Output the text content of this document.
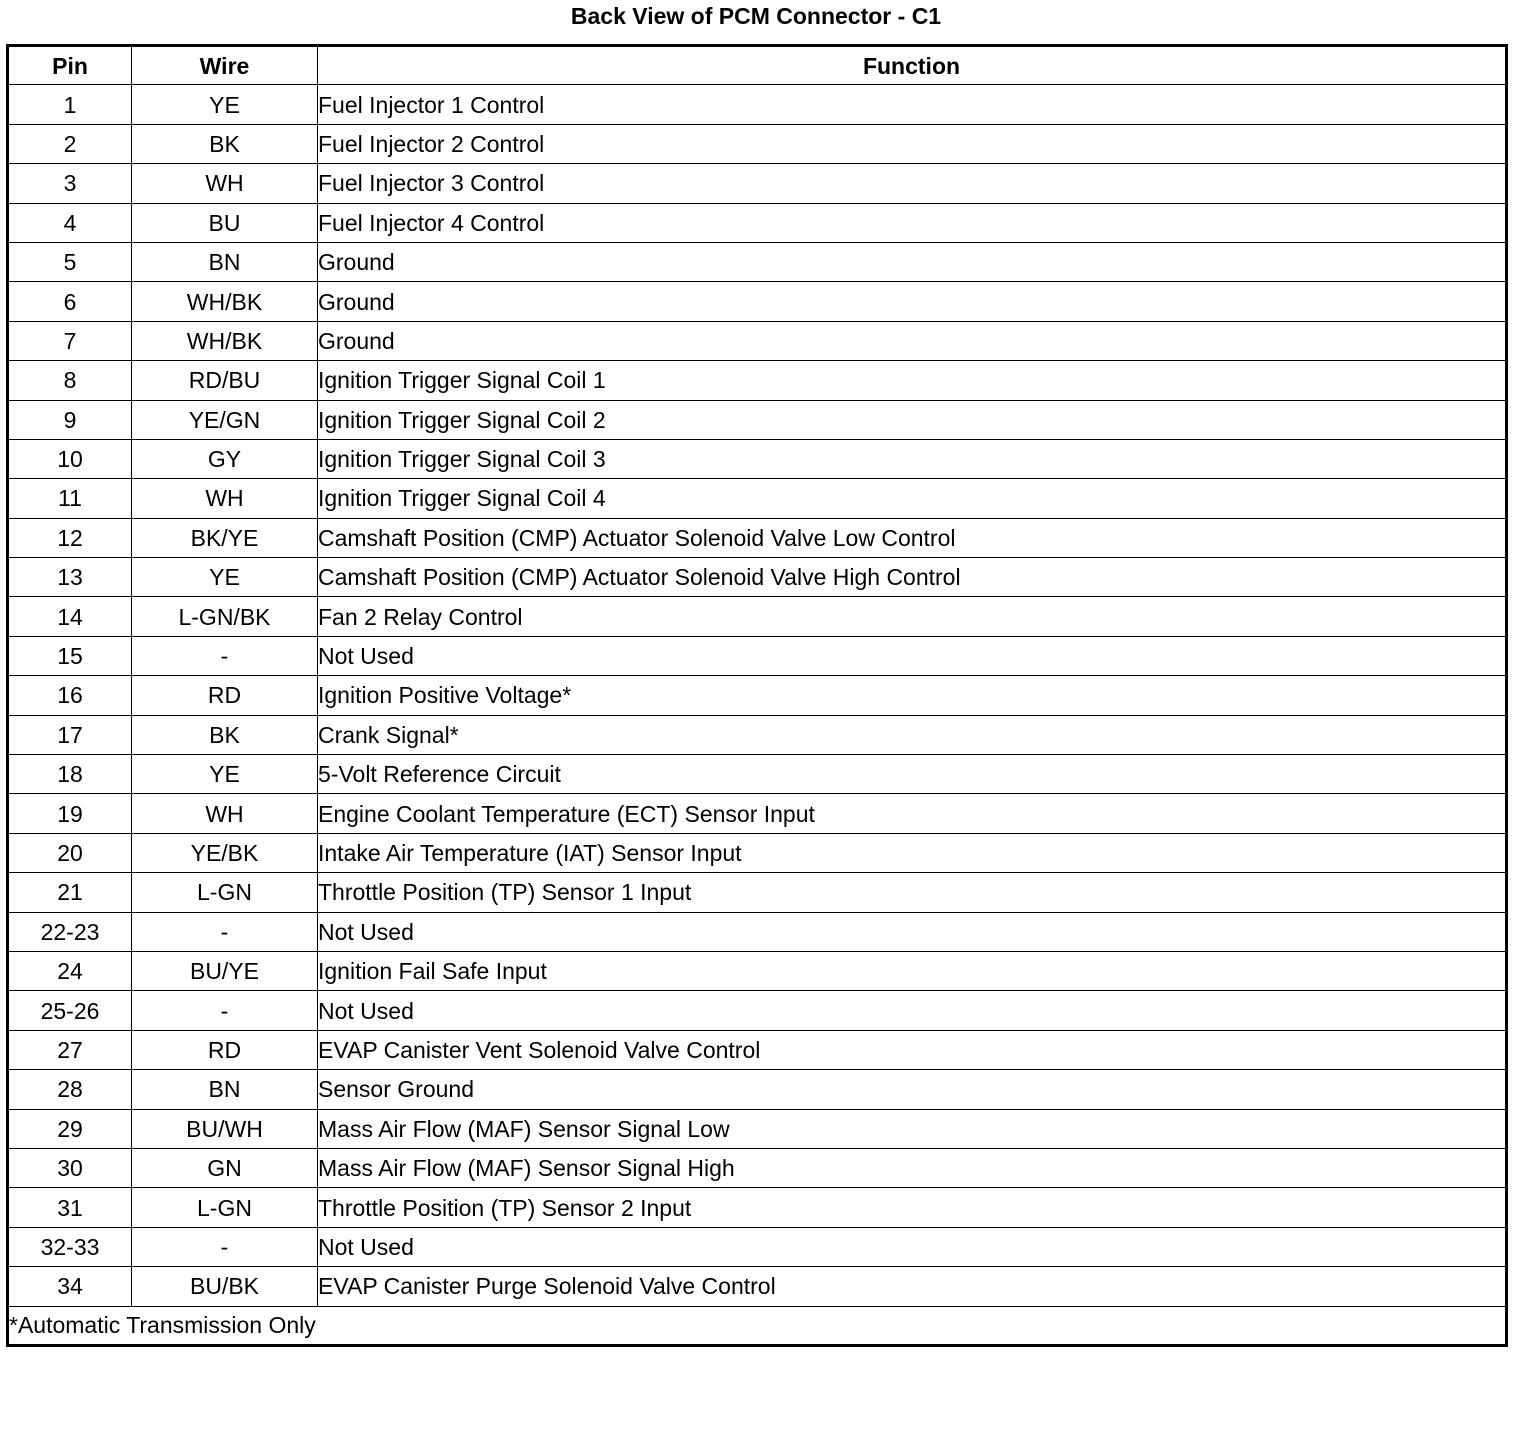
Back View of PCM Connector - C1
Pin	Wire	Function
1	YE	Fuel Injector 1 Control
2	BK	Fuel Injector 2 Control
3	WH	Fuel Injector 3 Control
4	BU	Fuel Injector 4 Control
5	BN	Ground
6	WH/BK	Ground
7	WH/BK	Ground
8	RD/BU	Ignition Trigger Signal Coil 1
9	YE/GN	Ignition Trigger Signal Coil 2
10	GY	Ignition Trigger Signal Coil 3
11	WH	Ignition Trigger Signal Coil 4
12	BK/YE	Camshaft Position (CMP) Actuator Solenoid Valve Low Control
13	YE	Camshaft Position (CMP) Actuator Solenoid Valve High Control
14	L-GN/BK	Fan 2 Relay Control
15	-	Not Used
16	RD	Ignition Positive Voltage*
17	BK	Crank Signal*
18	YE	5-Volt Reference Circuit
19	WH	Engine Coolant Temperature (ECT) Sensor Input
20	YE/BK	Intake Air Temperature (IAT) Sensor Input
21	L-GN	Throttle Position (TP) Sensor 1 Input
22-23	-	Not Used
24	BU/YE	Ignition Fail Safe Input
25-26	-	Not Used
27	RD	EVAP Canister Vent Solenoid Valve Control
28	BN	Sensor Ground
29	BU/WH	Mass Air Flow (MAF) Sensor Signal Low
30	GN	Mass Air Flow (MAF) Sensor Signal High
31	L-GN	Throttle Position (TP) Sensor 2 Input
32-33	-	Not Used
34	BU/BK	EVAP Canister Purge Solenoid Valve Control
*Automatic Transmission Only		
